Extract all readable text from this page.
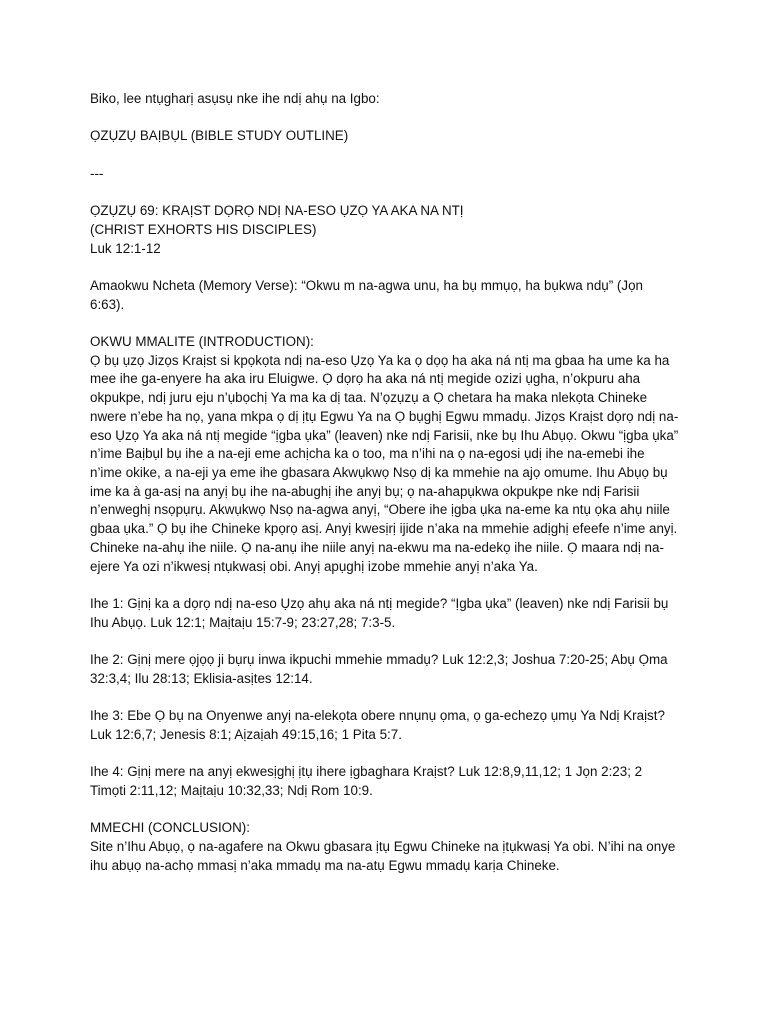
Biko, lee ntụgharị asụsụ nke ihe ndị ahụ na Igbo:

ỌZỤZỤ BAỊBỤL (BIBLE STUDY OUTLINE)

---

ỌZỤZỤ 69: KRAỊST DỌRỌ NDỊ NA-ESO ỤZỌ YA AKA NA NTỊ
(CHRIST EXHORTS HIS DISCIPLES)
Luk 12:1-12

Amaokwu Ncheta (Memory Verse): “Okwu m na-agwa unu, ha bụ mmụọ, ha bụkwa ndụ” (Jọn 6:63).

OKWU MMALITE (INTRODUCTION):
Ọ bụ ụzọ Jizọs Kraịst si kpọkọta ndị na-eso Ụzọ Ya ka ọ dọọ ha aka ná ntị ma gbaa ha ume ka ha mee ihe ga-enyere ha aka iru Eluigwe. Ọ dọrọ ha aka ná ntị megide ozizi ụgha, n’okpuru aha okpukpe, ndị juru eju n’ụbọchị Ya ma ka dị taa. N’ọzụzụ a Ọ chetara ha maka nlekọta Chineke nwere n’ebe ha nọ, yana mkpa ọ dị ịtụ Egwu Ya na Ọ bụghị Egwu mmadụ. Jizọs Kraịst dọrọ ndị na-eso Ụzọ Ya aka ná ntị megide “ịgba ụka” (leaven) nke ndị Farisii, nke bụ Ihu Abụọ. Okwu “ịgba ụka” n’ime Baịbụl bụ ihe a na-eji eme achịcha ka o too, ma n’ihi na ọ na-egosi ụdị ihe na-emebi ihe n’ime okike, a na-eji ya eme ihe gbasara Akwụkwọ Nsọ dị ka mmehie na ajọ omume. Ihu Abụọ bụ ime ka à ga-asị na anyị bụ ihe na-abughị ihe anyị bụ; ọ na-ahapụkwa okpukpe nke ndị Farisii n’enweghị nsọpụrụ. Akwụkwọ Nsọ na-agwa anyị, “Obere ihe ịgba ụka na-eme ka ntụ ọka ahụ niile gbaa ụka.” Ọ bụ ihe Chineke kpọrọ asị. Anyị kwesịrị ijide n’aka na mmehie adịghị efeefe n’ime anyị. Chineke na-ahụ ihe niile. Ọ na-anụ ihe niile anyị na-ekwu ma na-edekọ ihe niile. Ọ maara ndị na-ejere Ya ozi n’ikwesị ntụkwasị obi. Anyị apụghị izobe mmehie anyị n’aka Ya.

Ihe 1: Gịnị ka a dọrọ ndị na-eso Ụzọ ahụ aka ná ntị megide? “Ịgba ụka” (leaven) nke ndị Farisii bụ Ihu Abụọ. Luk 12:1; Maịtaịu 15:7-9; 23:27,28; 7:3-5.

Ihe 2: Gịnị mere ọjọọ ji bụrụ inwa ikpuchi mmehie mmadụ? Luk 12:2,3; Joshua 7:20-25; Abụ Ọma 32:3,4; Ilu 28:13; Eklisia-asịtes 12:14.

Ihe 3: Ebe Ọ bụ na Onyenwe anyị na-elekọta obere nnụnụ ọma, ọ ga-echezọ ụmụ Ya Ndị Kraịst? Luk 12:6,7; Jenesis 8:1; Aịzaịah 49:15,16; 1 Pita 5:7.

Ihe 4: Gịnị mere na anyị ekwesịghị ịtụ ihere ịgbaghara Kraịst? Luk 12:8,9,11,12; 1 Jọn 2:23; 2 Timọti 2:11,12; Maịtaịu 10:32,33; Ndị Rom 10:9.

MMECHI (CONCLUSION):
Site n’Ihu Abụọ, ọ na-agafere na Okwu gbasara ịtụ Egwu Chineke na ịtụkwasị Ya obi. N’ihi na onye ihu abụọ na-achọ mmasị n’aka mmadụ ma na-atụ Egwu mmadụ karịa Chineke.
